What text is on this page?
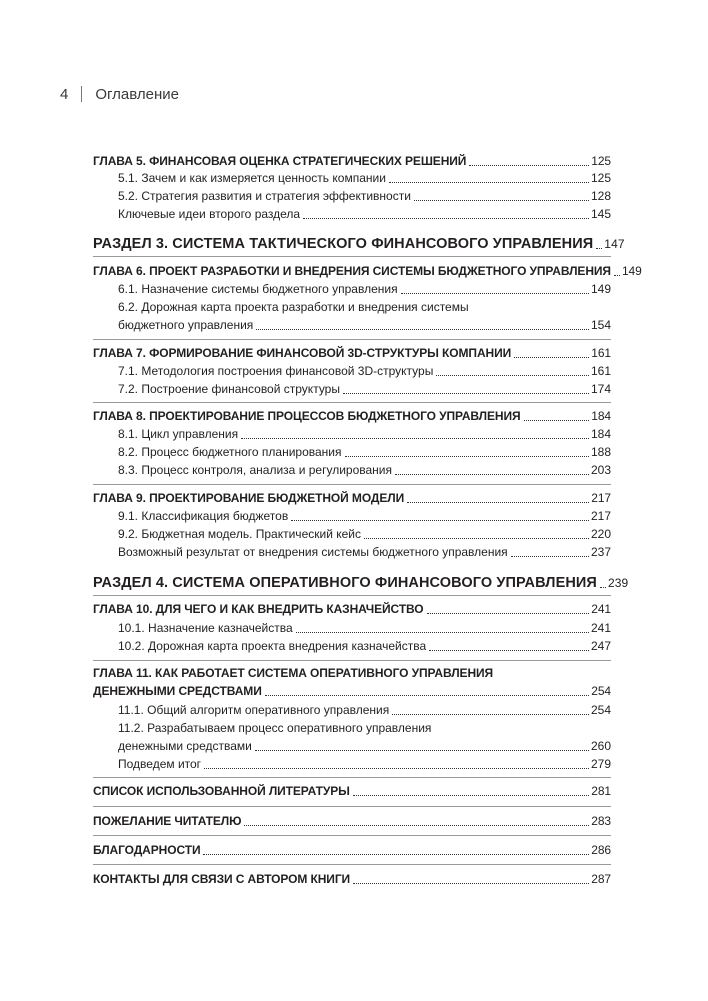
4 Оглавление
ГЛАВА 5. ФИНАНСОВАЯ ОЦЕНКА СТРАТЕГИЧЕСКИХ РЕШЕНИЙ	125
5.1. Зачем и как измеряется ценность компании	125
5.2. Стратегия развития и стратегия эффективности	128
Ключевые идеи второго раздела	145
РАЗДЕЛ 3. СИСТЕМА ТАКТИЧЕСКОГО ФИНАНСОВОГО УПРАВЛЕНИЯ 147
ГЛАВА 6. ПРОЕКТ РАЗРАБОТКИ И ВНЕДРЕНИЯ СИСТЕМЫ БЮДЖЕТНОГО УПРАВЛЕНИЯ 149
6.1. Назначение системы бюджетного управления	149
6.2. Дорожная карта проекта разработки и внедрения системы
бюджетного управления	154
ГЛАВА 7. ФОРМИРОВАНИЕ ФИНАНСОВОЙ 3D-СТРУКТУРЫ КОМПАНИИ	161
7.1. Методология построения финансовой 3D-структуры	161
7.2. Построение финансовой структуры	174
ГЛАВА 8. ПРОЕКТИРОВАНИЕ ПРОЦЕССОВ БЮДЖЕТНОГО УПРАВЛЕНИЯ	184
8.1. Цикл управления	184
8.2. Процесс бюджетного планирования	188
8.3. Процесс контроля, анализа и регулирования	203
ГЛАВА 9. ПРОЕКТИРОВАНИЕ БЮДЖЕТНОЙ МОДЕЛИ	217
9.1. Классификация бюджетов	217
9.2. Бюджетная модель. Практический кейс	220
Возможный результат от внедрения системы бюджетного управления	237
РАЗДЕЛ 4. СИСТЕМА ОПЕРАТИВНОГО ФИНАНСОВОГО УПРАВЛЕНИЯ 239
ГЛАВА 10. ДЛЯ ЧЕГО И КАК ВНЕДРИТЬ КАЗНАЧЕЙСТВО	241
10.1. Назначение казначейства	241
10.2. Дорожная карта проекта внедрения казначейства	247
ГЛАВА 11. КАК РАБОТАЕТ СИСТЕМА ОПЕРАТИВНОГО УПРАВЛЕНИЯ
ДЕНЕЖНЫМИ СРЕДСТВАМИ	254
11.1. Общий алгоритм оперативного управления	254
11.2. Разрабатываем процесс оперативного управления
денежными средствами	260
Подведем итог	279
СПИСОК ИСПОЛЬЗОВАННОЙ ЛИТЕРАТУРЫ	281
ПОЖЕЛАНИЕ ЧИТАТЕЛЮ	283
БЛАГОДАРНОСТИ	286
КОНТАКТЫ ДЛЯ СВЯЗИ С АВТОРОМ КНИГИ	287
